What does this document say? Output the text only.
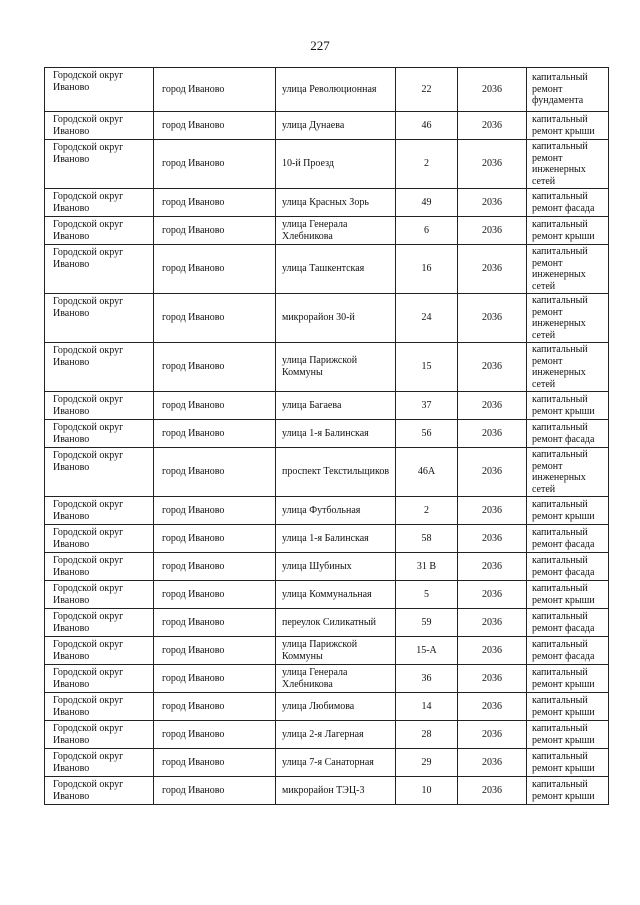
227
Городской округ Иваново	город Иваново	улица Революционная	22	2036	капитальный ремонт фундамента
Городской округ Иваново	город Иваново	улица Дунаева	46	2036	капитальный ремонт крыши
Городской округ Иваново	город Иваново	10-й Проезд	2	2036	капитальный ремонт инженерных сетей
Городской округ Иваново	город Иваново	улица Красных Зорь	49	2036	капитальный ремонт фасада
Городской округ Иваново	город Иваново	улица Генерала Хлебникова	6	2036	капитальный ремонт крыши
Городской округ Иваново	город Иваново	улица Ташкентская	16	2036	капитальный ремонт инженерных сетей
Городской округ Иваново	город Иваново	микрорайон 30-й	24	2036	капитальный ремонт инженерных сетей
Городской округ Иваново	город Иваново	улица Парижской Коммуны	15	2036	капитальный ремонт инженерных сетей
Городской округ Иваново	город Иваново	улица Багаева	37	2036	капитальный ремонт крыши
Городской округ Иваново	город Иваново	улица 1-я Балинская	56	2036	капитальный ремонт фасада
Городской округ Иваново	город Иваново	проспект Текстильщиков	46А	2036	капитальный ремонт инженерных сетей
Городской округ Иваново	город Иваново	улица Футбольная	2	2036	капитальный ремонт крыши
Городской округ Иваново	город Иваново	улица 1-я Балинская	58	2036	капитальный ремонт фасада
Городской округ Иваново	город Иваново	улица Шубиных	31 В	2036	капитальный ремонт фасада
Городской округ Иваново	город Иваново	улица Коммунальная	5	2036	капитальный ремонт крыши
Городской округ Иваново	город Иваново	переулок Силикатный	59	2036	капитальный ремонт фасада
Городской округ Иваново	город Иваново	улица Парижской Коммуны	15-А	2036	капитальный ремонт фасада
Городской округ Иваново	город Иваново	улица Генерала Хлебникова	36	2036	капитальный ремонт крыши
Городской округ Иваново	город Иваново	улица Любимова	14	2036	капитальный ремонт крыши
Городской округ Иваново	город Иваново	улица 2-я Лагерная	28	2036	капитальный ремонт крыши
Городской округ Иваново	город Иваново	улица 7-я Санаторная	29	2036	капитальный ремонт крыши
Городской округ Иваново	город Иваново	микрорайон ТЭЦ-3	10	2036	капитальный ремонт крыши
